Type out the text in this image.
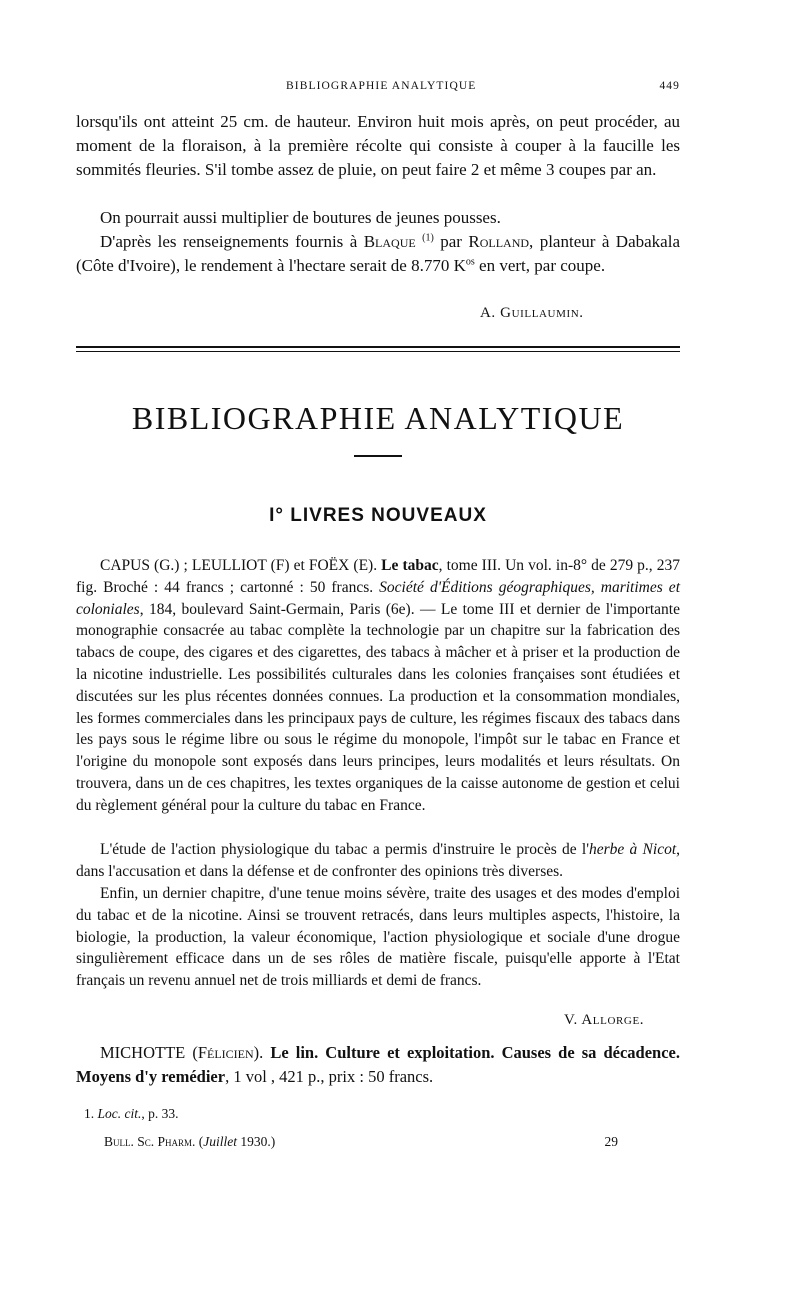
BIBLIOGRAPHIE ANALYTIQUE	449

lorsqu'ils ont atteint 25 cm. de hauteur. Environ huit mois après, on peut procéder, au moment de la floraison, à la première récolte qui consiste à couper à la faucille les sommités fleuries. S'il tombe assez de pluie, on peut faire 2 et même 3 coupes par an.

On pourrait aussi multiplier de boutures de jeunes pousses.

D'après les renseignements fournis à Blaque $^{(1)}$ par Rolland, planteur à Dabakala (Côte d'Ivoire), le rendement à l'hectare serait de 8.770 $K^{os}$ en vert, par coupe.

A. Guillaumin.
BIBLIOGRAPHIE ANALYTIQUE
I° LIVRES NOUVEAUX

CAPUS (G.) ; LEULLIOT (F) et FOËX (E). Le tabac, tome III. Un vol. in-8° de 279 p., 237 fig. Broché : 44 francs ; cartonné : 50 francs. Société d'Éditions géographiques, maritimes et coloniales, 184, boulevard Saint-Germain, Paris (6e). — Le tome III et dernier de l'importante monographie consacrée au tabac complète la technologie par un chapitre sur la fabrication des tabacs de coupe, des cigares et des cigarettes, des tabacs à mâcher et à priser et la production de la nicotine industrielle. Les possibilités culturales dans les colonies françaises sont étudiées et discutées sur les plus récentes données connues. La production et la consommation mondiales, les formes commerciales dans les principaux pays de culture, les régimes fiscaux des tabacs dans les pays sous le régime libre ou sous le régime du monopole, l'impôt sur le tabac en France et l'origine du monopole sont exposés dans leurs principes, leurs modalités et leurs résultats. On trouvera, dans un de ces chapitres, les textes organiques de la caisse autonome de gestion et celui du règlement général pour la culture du tabac en France.

L'étude de l'action physiologique du tabac a permis d'instruire le procès de l'herbe à Nicot, dans l'accusation et dans la défense et de confronter des opinions très diverses.

Enfin, un dernier chapitre, d'une tenue moins sévère, traite des usages et des modes d'emploi du tabac et de la nicotine. Ainsi se trouvent retracés, dans leurs multiples aspects, l'histoire, la biologie, la production, la valeur économique, l'action physiologique et sociale d'une drogue singulièrement efficace dans un de ses rôles de matière fiscale, puisqu'elle apporte à l'Etat français un revenu annuel net de trois milliards et demi de francs.

V. Allorge.

MICHOTTE (Félicien). Le lin. Culture et exploitation. Causes de sa décadence. Moyens d'y remédier, 1 vol , 421 p., prix : 50 francs.

1. Loc. cit., p. 33.
Bull. Sc. Pharm. (Juillet 1930.)	29
